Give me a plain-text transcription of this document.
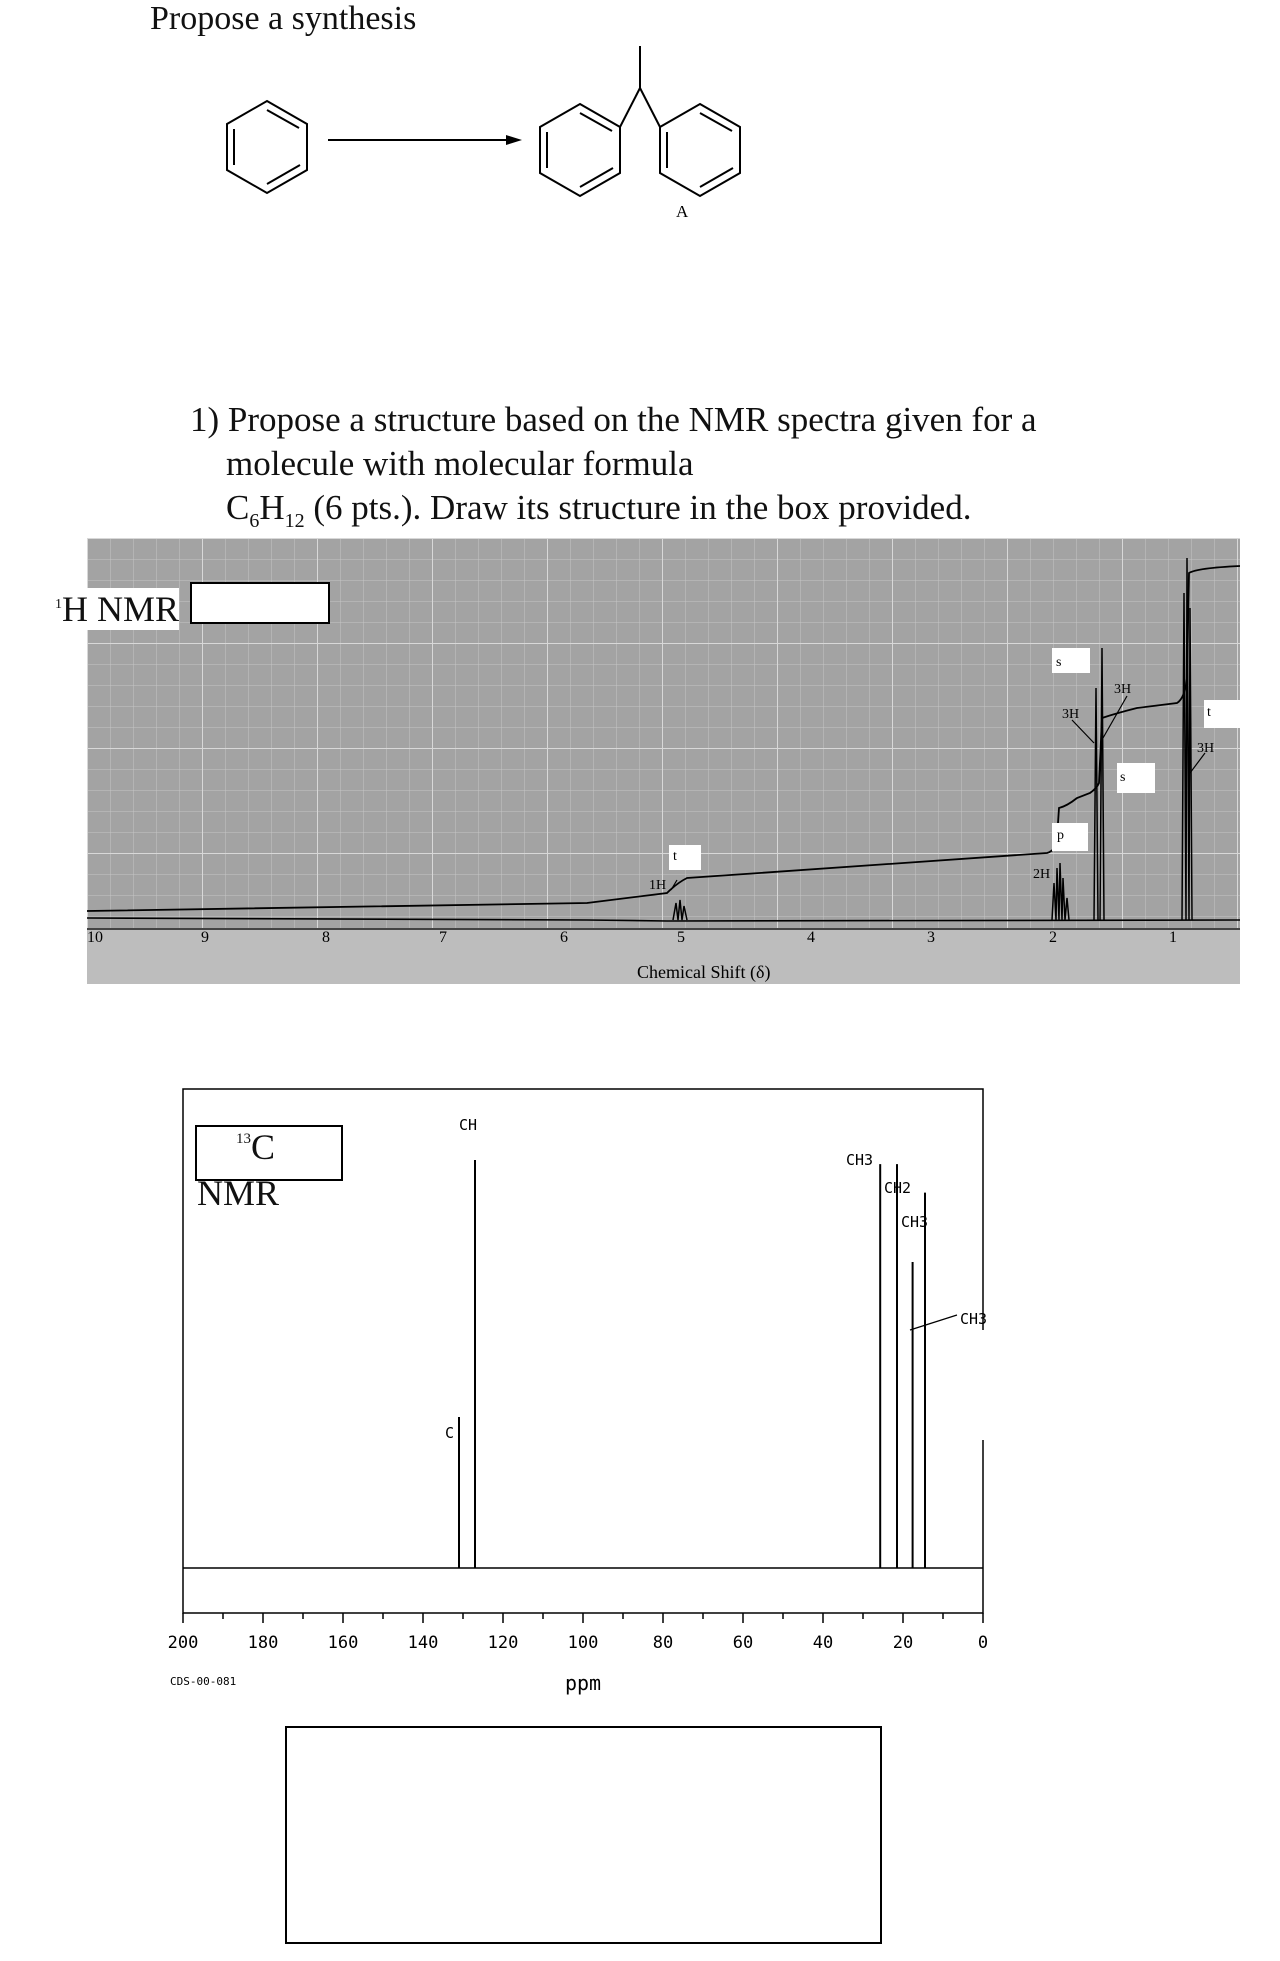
Propose a synthesis
A
1) Propose a structure based on the NMR spectra given for a
molecule with molecular formula
$C_6H_{12}$ (6 pts.). Draw its structure in the box provided.
t
1H
p
2H
s
3H
3H
s
t
3H
10	9	8	7	6	5	4	3	2	1
Chemical Shift (δ)
$^1$H NMR
200	180	160	140	120	100	80	60	40	20	0
CDS-00-081	ppm
C
CH
CH3
CH2
CH3
CH3
13 C
NMR
